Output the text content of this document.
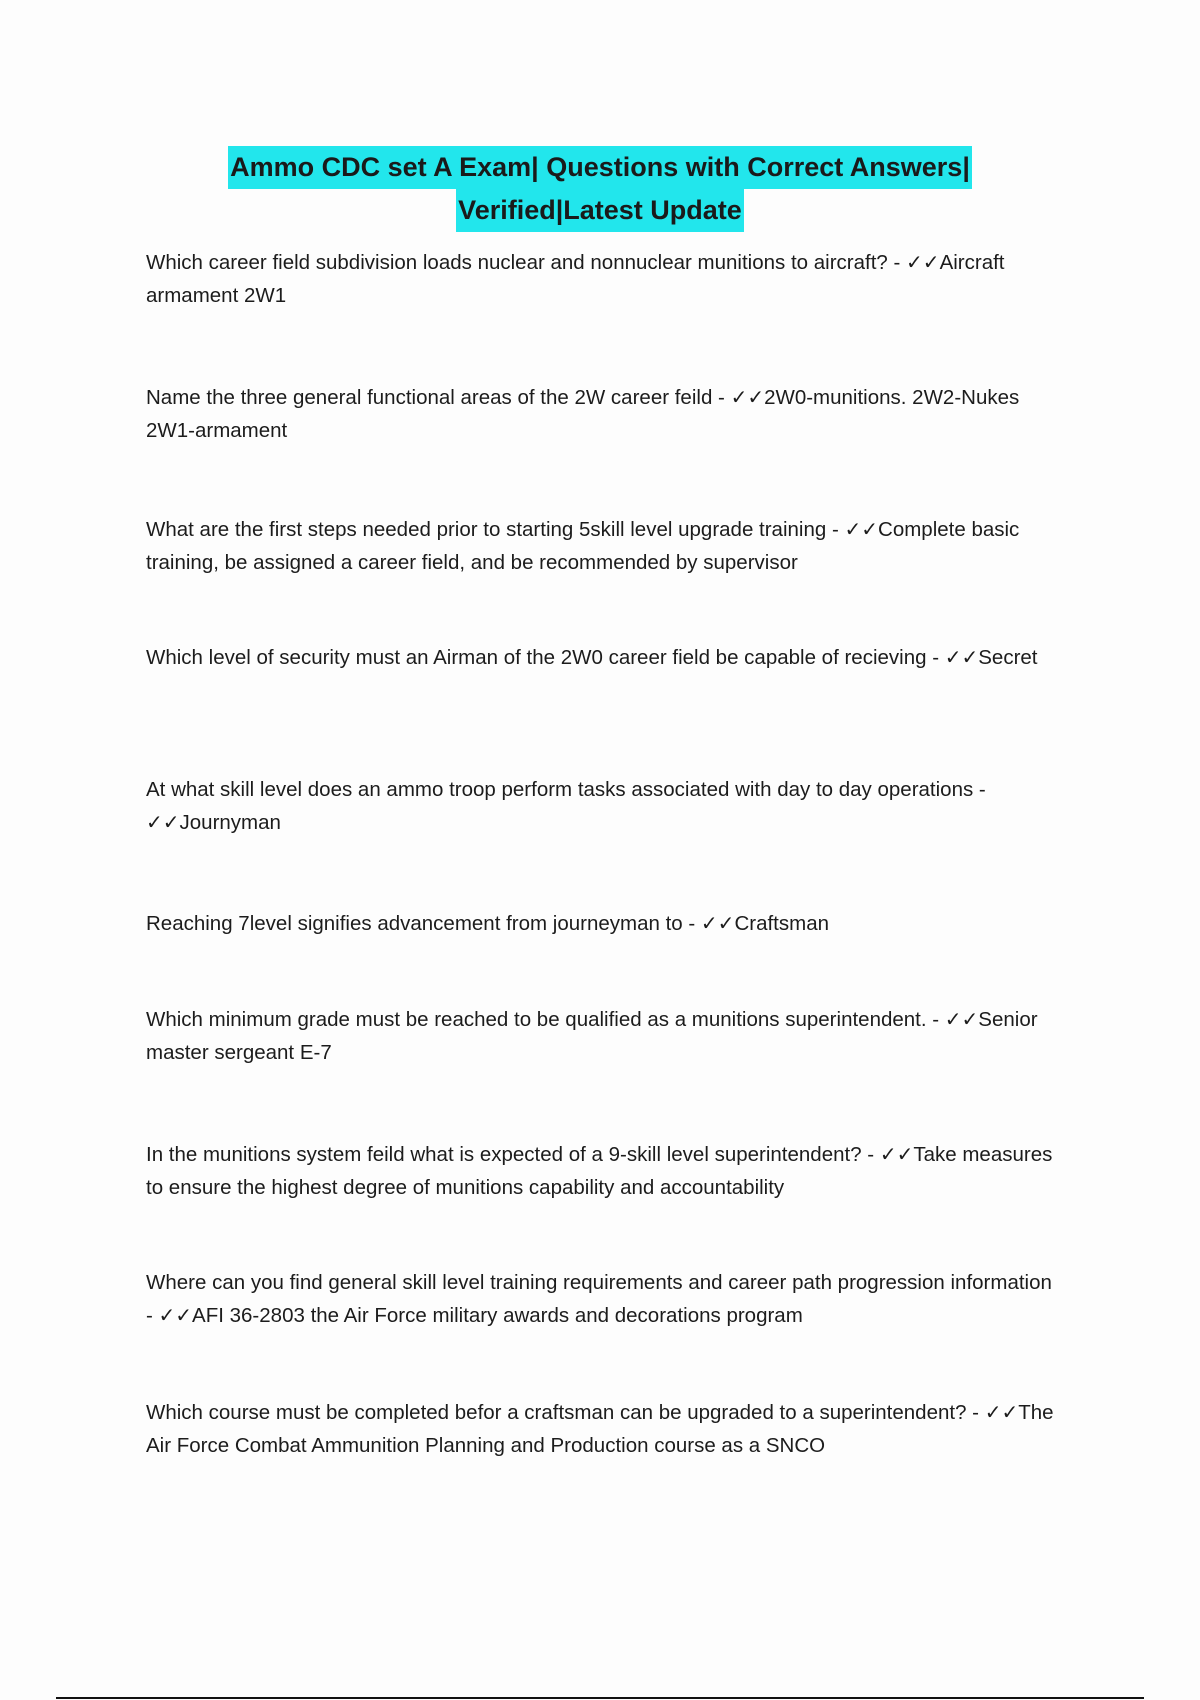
Ammo CDC set A Exam| Questions with Correct Answers|
Verified|Latest Update
Which career field subdivision loads nuclear and nonnuclear munitions to aircraft? - ✓✓Aircraft armament 2W1
Name the three general functional areas of the 2W career feild - ✓✓2W0-munitions. 2W2-Nukes 2W1-armament
What are the first steps needed prior to starting 5skill level upgrade training - ✓✓Complete basic training, be assigned a career field, and be recommended by supervisor
Which level of security must an Airman of the 2W0 career field be capable of recieving - ✓✓Secret
At what skill level does an ammo troop perform tasks associated with day to day operations - ✓✓Journyman
Reaching 7level signifies advancement from journeyman to - ✓✓Craftsman
Which minimum grade must be reached to be qualified as a munitions superintendent. - ✓✓Senior master sergeant E-7
In the munitions system feild what is expected of a 9-skill level superintendent? - ✓✓Take measures to ensure the highest degree of munitions capability and accountability
Where can you find general skill level training requirements and career path progression information - ✓✓AFI 36-2803 the Air Force military awards and decorations program
Which course must be completed befor a craftsman can be upgraded to a superintendent? - ✓✓The Air Force Combat Ammunition Planning and Production course as a SNCO
